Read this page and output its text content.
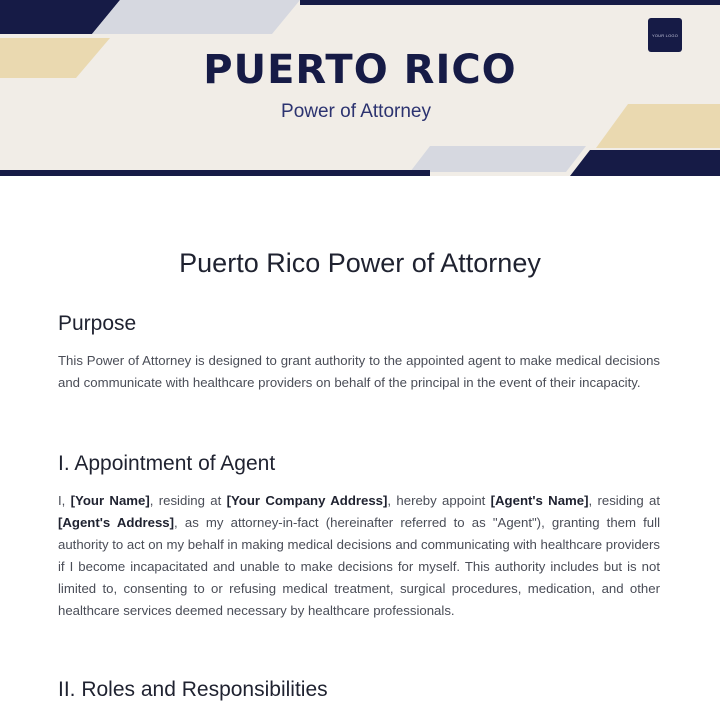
YOUR LOGO
PUERTO RICO
Power of Attorney
Puerto Rico Power of Attorney
Purpose

This Power of Attorney is designed to grant authority to the appointed agent to make medical decisions and communicate with healthcare providers on behalf of the principal in the event of their incapacity.

I. Appointment of Agent

I, [Your Name], residing at [Your Company Address], hereby appoint [Agent's Name], residing at [Agent's Address], as my attorney-in-fact (hereinafter referred to as "Agent"), granting them full authority to act on my behalf in making medical decisions and communicating with healthcare providers if I become incapacitated and unable to make decisions for myself. This authority includes but is not limited to, consenting to or refusing medical treatment, surgical procedures, medication, and other healthcare services deemed necessary by healthcare professionals.

II. Roles and Responsibilities
